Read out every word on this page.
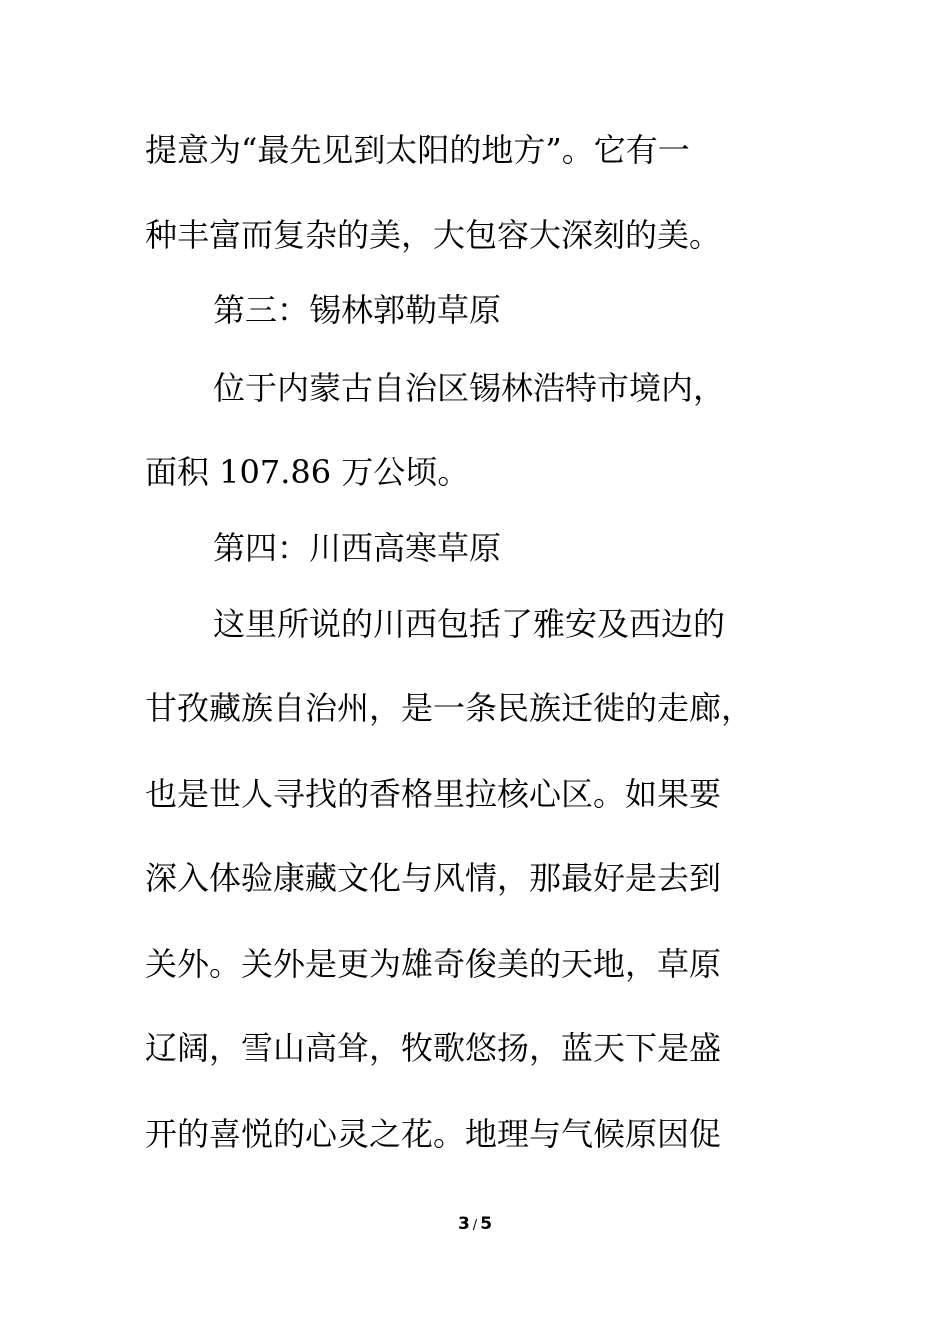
提意为“最先见到太阳的地方”。它有一
种丰富而复杂的美，大包容大深刻的美。
第三：锡林郭勒草原
位于内蒙古自治区锡林浩特市境内，
面积 107.86 万公顷。
第四：川西高寒草原
这里所说的川西包括了雅安及西边的
甘孜藏族自治州，是一条民族迁徙的走廊，
也是世人寻找的香格里拉核心区。如果要
深入体验康藏文化与风情，那最好是去到
关外。关外是更为雄奇俊美的天地，草原
辽阔，雪山高耸，牧歌悠扬，蓝天下是盛
开的喜悦的心灵之花。地理与气候原因促
3 / 5
